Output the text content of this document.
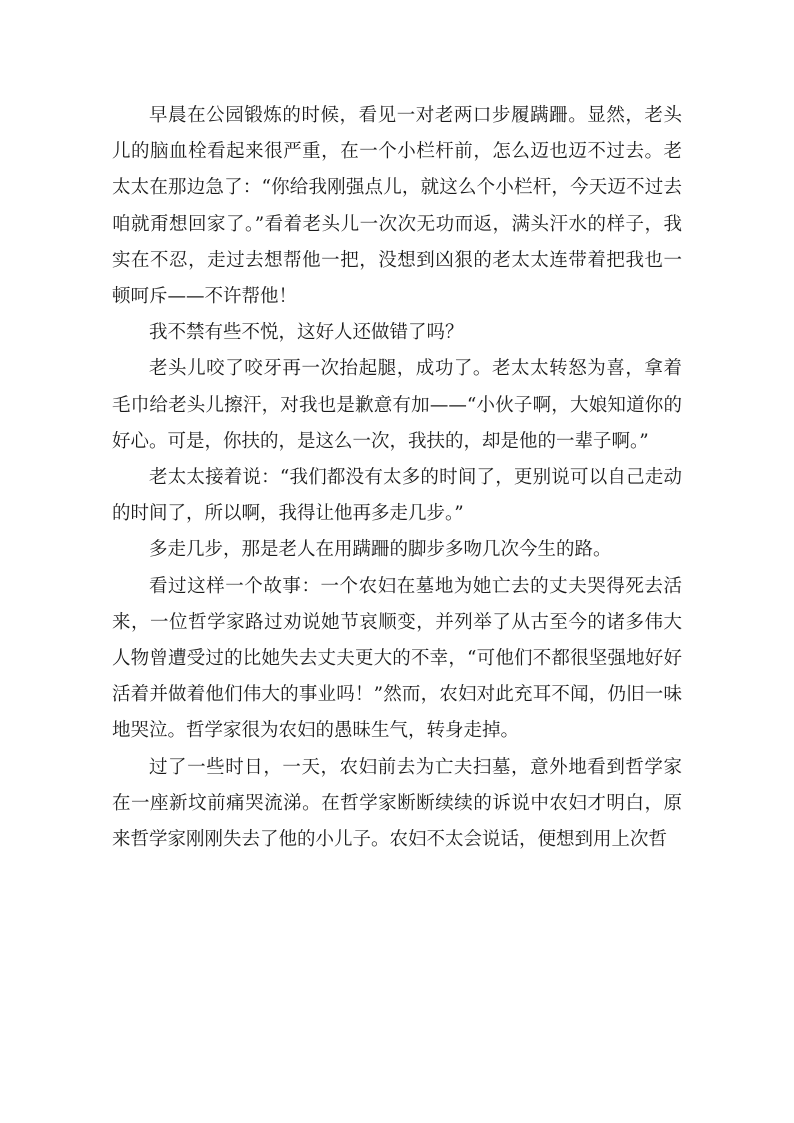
早晨在公园锻炼的时候，看见一对老两口步履蹒跚。显然，老头儿的脑血栓看起来很严重，在一个小栏杆前，怎么迈也迈不过去。老太太在那边急了：“你给我刚强点儿，就这么个小栏杆，今天迈不过去咱就甭想回家了。”看着老头儿一次次无功而返，满头汗水的样子，我实在不忍，走过去想帮他一把，没想到凶狠的老太太连带着把我也一顿呵斥——不许帮他！

我不禁有些不悦，这好人还做错了吗？

老头儿咬了咬牙再一次抬起腿，成功了。老太太转怒为喜，拿着毛巾给老头儿擦汗，对我也是歉意有加——“小伙子啊，大娘知道你的好心。可是，你扶的，是这么一次，我扶的，却是他的一辈子啊。”

老太太接着说：“我们都没有太多的时间了，更别说可以自己走动的时间了，所以啊，我得让他再多走几步。”

多走几步，那是老人在用蹒跚的脚步多吻几次今生的路。

看过这样一个故事：一个农妇在墓地为她亡去的丈夫哭得死去活来，一位哲学家路过劝说她节哀顺变，并列举了从古至今的诸多伟大人物曾遭受过的比她失去丈夫更大的不幸，“可他们不都很坚强地好好活着并做着他们伟大的事业吗！”然而，农妇对此充耳不闻，仍旧一味地哭泣。哲学家很为农妇的愚昧生气，转身走掉。

过了一些时日，一天，农妇前去为亡夫扫墓，意外地看到哲学家在一座新坟前痛哭流涕。在哲学家断断续续的诉说中农妇才明白，原来哲学家刚刚失去了他的小儿子。农妇不太会说话，便想到用上次哲
